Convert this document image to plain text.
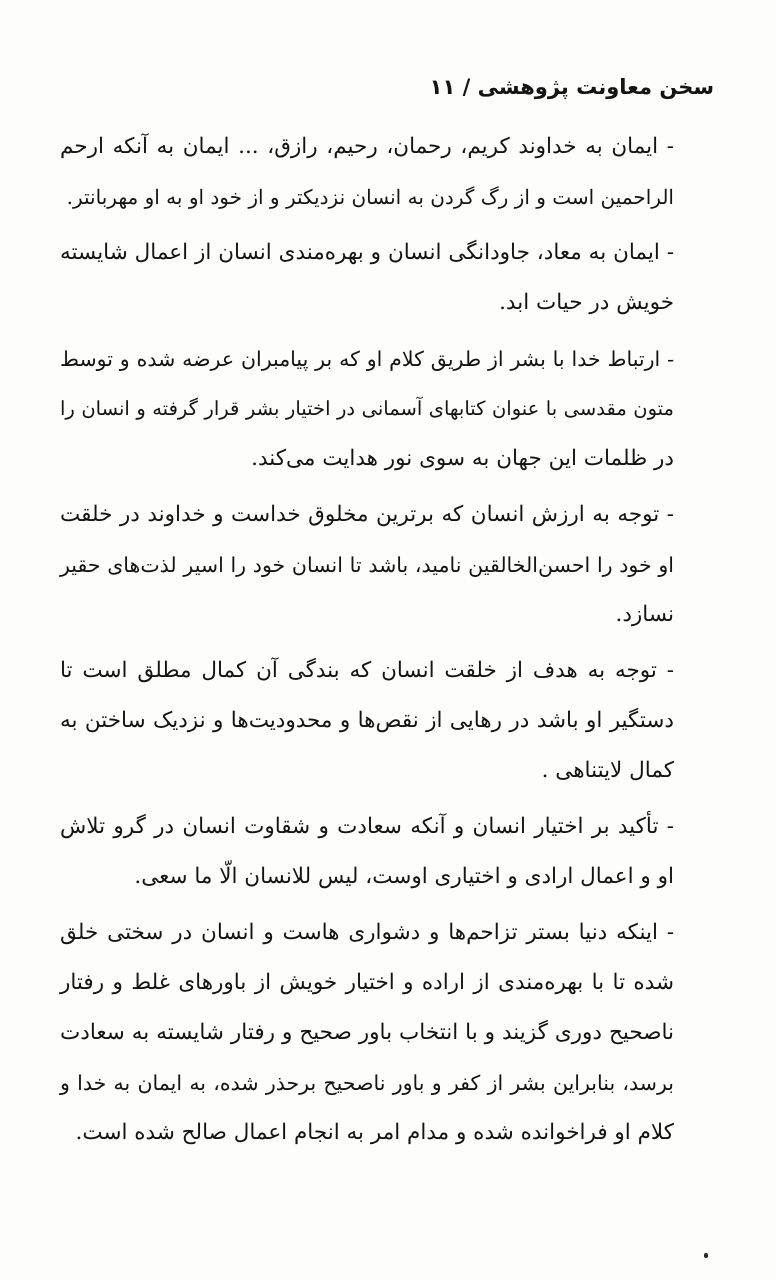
سخن معاونت پژوهشی / ۱۱
- ایمان به خداوند کریم، رحمان، رحیم، رازق، ... ایمان به آنکه ارحم
الراحمین است و از رگ گردن به انسان نزدیکتر و از خود او به او مهربانتر.
- ایمان به معاد، جاودانگی انسان و بهره‌مندی انسان از اعمال شایسته
خویش در حیات ابد.
- ارتباط خدا با بشر از طریق کلام او که بر پیامبران عرضه شده و توسط
متون مقدسی با عنوان کتابهای آسمانی در اختیار بشر قرار گرفته و انسان را
در ظلمات این جهان به سوی نور هدایت می‌کند.
- توجه به ارزش انسان که برترین مخلوق خداست و خداوند در خلقت
او خود را احسن‌الخالقین نامید، باشد تا انسان خود را اسیر لذت‌های حقیر
نسازد.
- توجه به هدف از خلقت انسان که بندگی آن کمال مطلق است تا
دستگیر او باشد در رهایی از نقص‌ها و محدودیت‌ها و نزدیک ساختن به
کمال لایتناهی .
- تأکید بر اختیار انسان و آنکه سعادت و شقاوت انسان در گرو تلاش
او و اعمال ارادی و اختیاری اوست، لیس للانسان الّا ما سعی.
- اینکه دنیا بستر تزاحم‌ها و دشواری هاست و انسان در سختی خلق
شده تا با بهره‌مندی از اراده و اختیار خویش از باورهای غلط و رفتار
ناصحیح دوری گزیند و با انتخاب باور صحیح و رفتار شایسته به سعادت
برسد، بنابراین بشر از کفر و باور ناصحیح برحذر شده، به ایمان به خدا و
کلام او فراخوانده شده و مدام امر به انجام اعمال صالح شده است.
